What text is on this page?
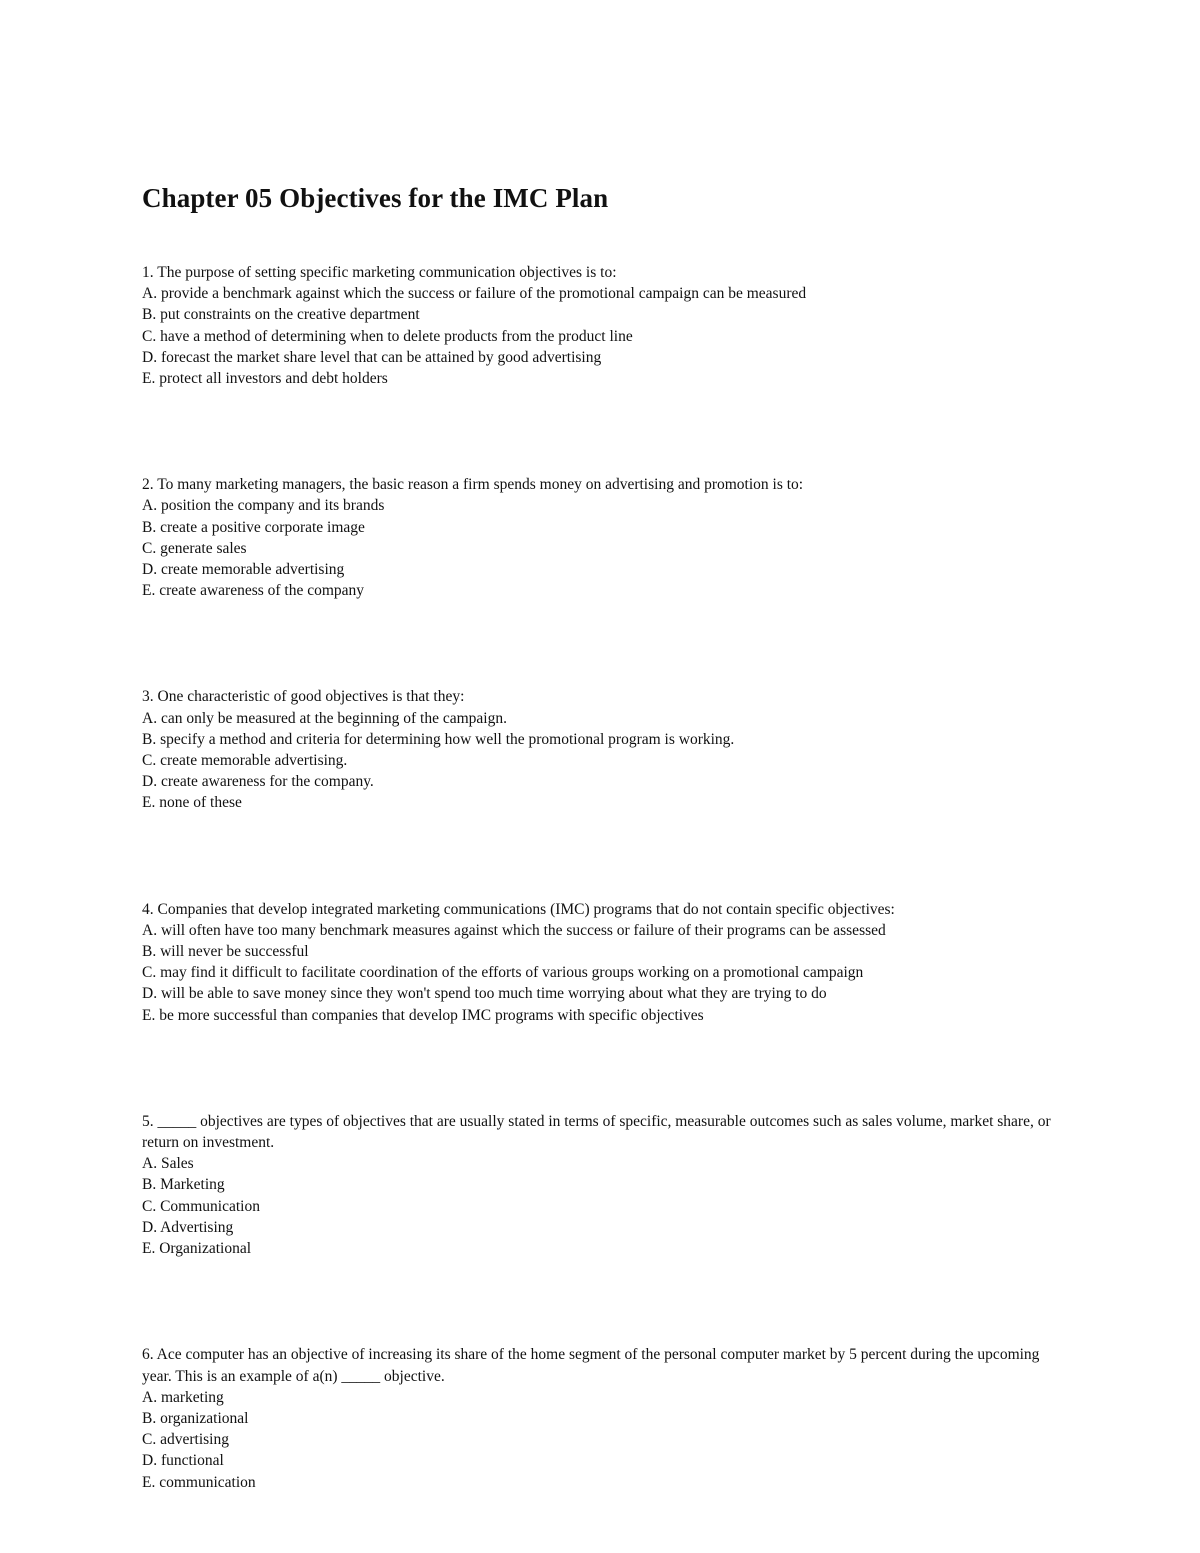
Chapter 05 Objectives for the IMC Plan
1. The purpose of setting specific marketing communication objectives is to:
A. provide a benchmark against which the success or failure of the promotional campaign can be measured
B. put constraints on the creative department
C. have a method of determining when to delete products from the product line
D. forecast the market share level that can be attained by good advertising
E. protect all investors and debt holders
2. To many marketing managers, the basic reason a firm spends money on advertising and promotion is to:
A. position the company and its brands
B. create a positive corporate image
C. generate sales
D. create memorable advertising
E. create awareness of the company
3. One characteristic of good objectives is that they:
A. can only be measured at the beginning of the campaign.
B. specify a method and criteria for determining how well the promotional program is working.
C. create memorable advertising.
D. create awareness for the company.
E. none of these
4. Companies that develop integrated marketing communications (IMC) programs that do not contain specific objectives:
A. will often have too many benchmark measures against which the success or failure of their programs can be assessed
B. will never be successful
C. may find it difficult to facilitate coordination of the efforts of various groups working on a promotional campaign
D. will be able to save money since they won't spend too much time worrying about what they are trying to do
E. be more successful than companies that develop IMC programs with specific objectives
5. _____ objectives are types of objectives that are usually stated in terms of specific, measurable outcomes such as sales volume, market share, or return on investment.
A. Sales
B. Marketing
C. Communication
D. Advertising
E. Organizational
6. Ace computer has an objective of increasing its share of the home segment of the personal computer market by 5 percent during the upcoming year. This is an example of a(n) _____ objective.
A. marketing
B. organizational
C. advertising
D. functional
E. communication
